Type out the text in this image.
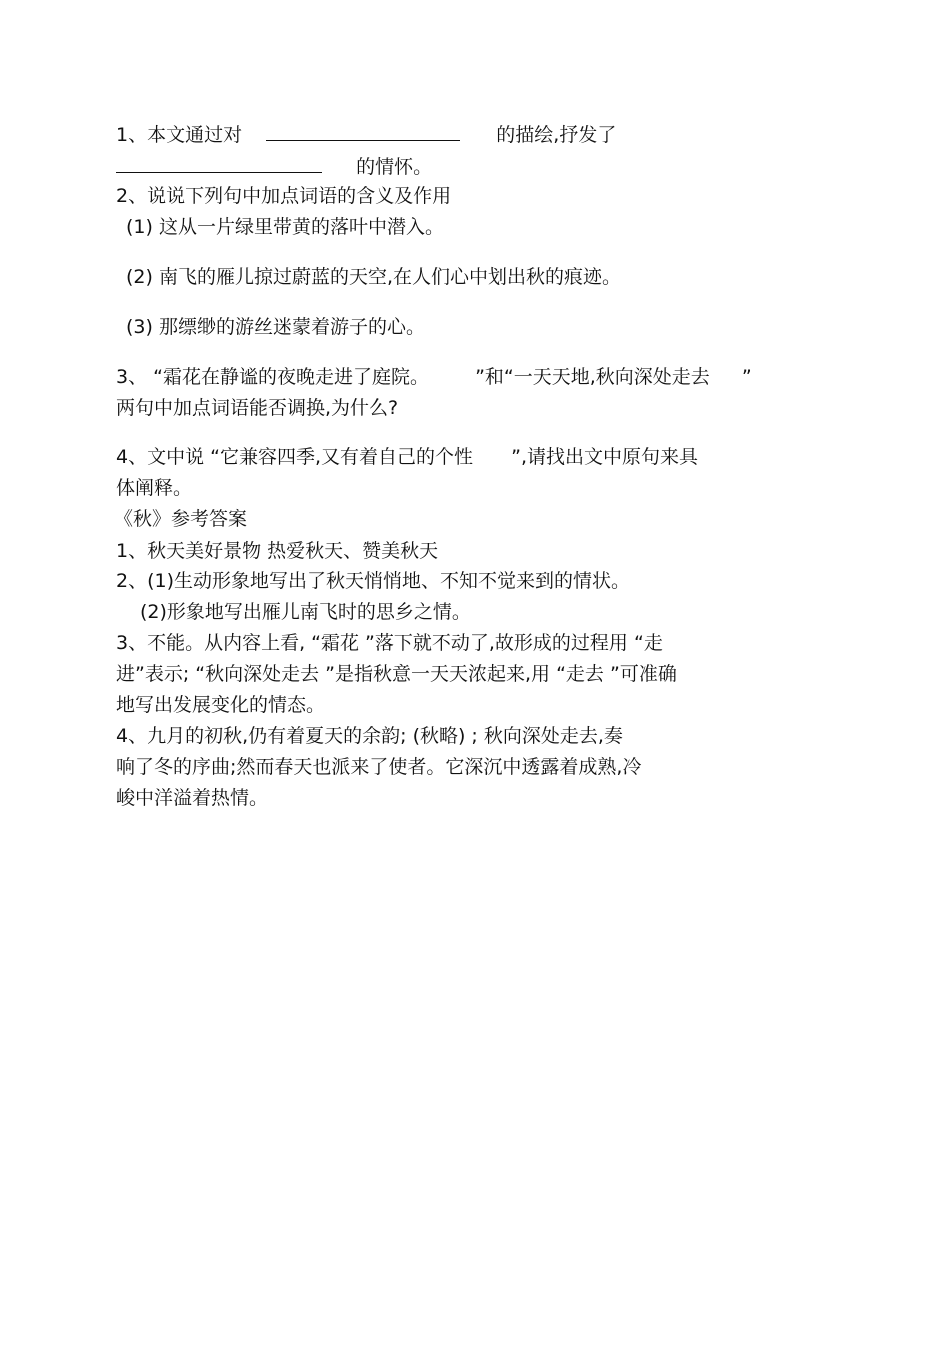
1、本文通过对	的描绘,抒发了
的情怀。
2、说说下列句中加点词语的含义及作用
(1) 这从一片绿里带黄的落叶中潜入。
(2) 南飞的雁儿掠过蔚蓝的天空,在人们心中划出秋的痕迹。
(3) 那缥缈的游丝迷蒙着游子的心。
3、 “霜花在静谧的夜晚走进了庭院。 ”和“一天天地,秋向深处走去 ”
两句中加点词语能否调换,为什么?
4、文中说 “它兼容四季,又有着自己的个性 ”,请找出文中原句来具
体阐释。
《秋》参考答案
1、秋天美好景物 热爱秋天、赞美秋天
2、(1)生动形象地写出了秋天悄悄地、不知不觉来到的情状。
(2)形象地写出雁儿南飞时的思乡之情。
3、不能。从内容上看, “霜花 ”落下就不动了,故形成的过程用 “走
进”表示; “秋向深处走去 ”是指秋意一天天浓起来,用 “走去 ”可准确
地写出发展变化的情态。
4、九月的初秋,仍有着夏天的余韵; (秋略) ; 秋向深处走去,奏
响了冬的序曲;然而春天也派来了使者。它深沉中透露着成熟,冷
峻中洋溢着热情。
